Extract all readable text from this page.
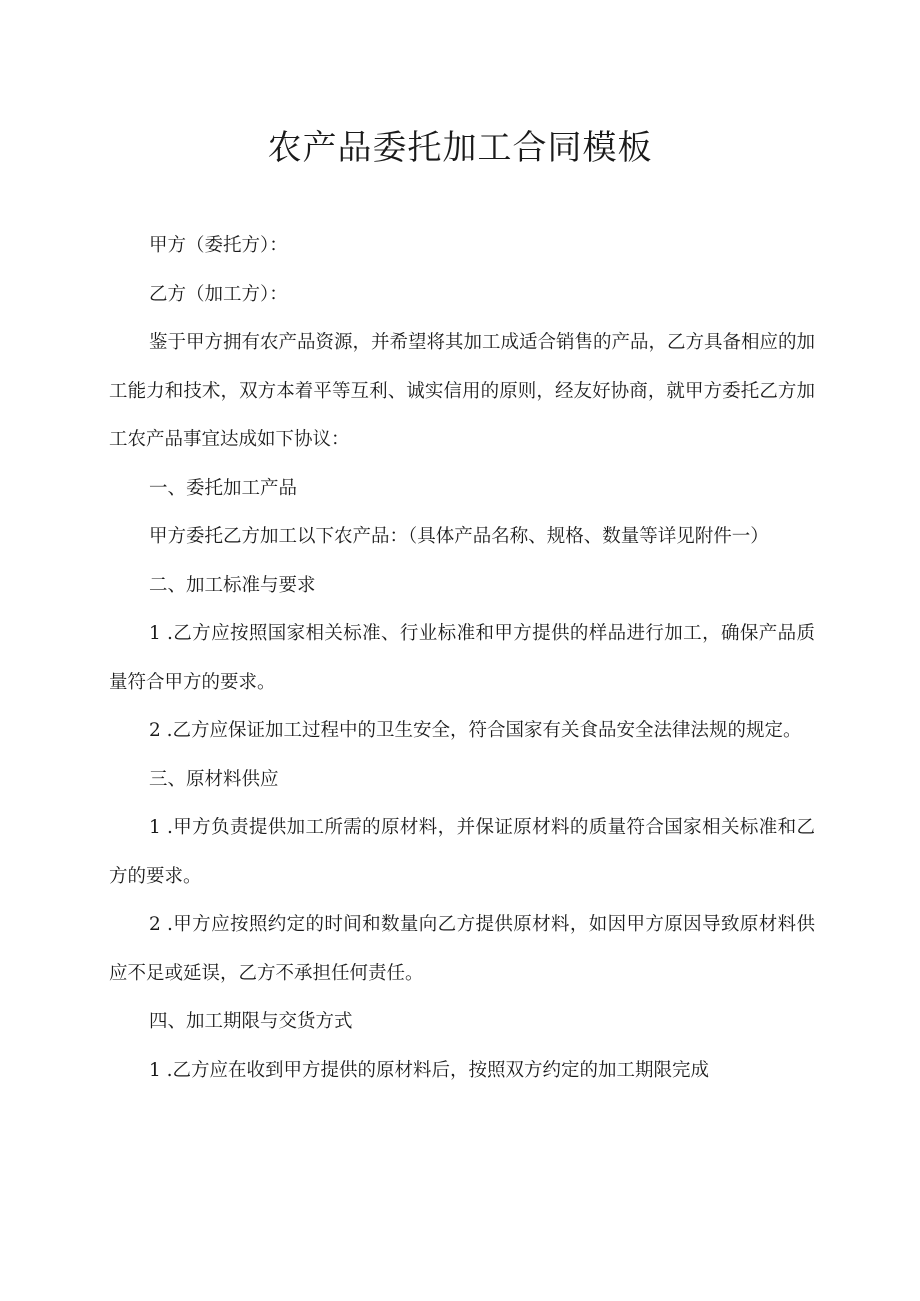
农产品委托加工合同模板

甲方（委托方）：

乙方（加工方）：

鉴于甲方拥有农产品资源，并希望将其加工成适合销售的产品，乙方具备相应的加工能力和技术，双方本着平等互利、诚实信用的原则，经友好协商，就甲方委托乙方加工农产品事宜达成如下协议：

一、委托加工产品

甲方委托乙方加工以下农产品：（具体产品名称、规格、数量等详见附件一）

二、加工标准与要求

1 .乙方应按照国家相关标准、行业标准和甲方提供的样品进行加工，确保产品质量符合甲方的要求。

2 .乙方应保证加工过程中的卫生安全，符合国家有关食品安全法律法规的规定。

三、原材料供应

1 .甲方负责提供加工所需的原材料，并保证原材料的质量符合国家相关标准和乙方的要求。

2 .甲方应按照约定的时间和数量向乙方提供原材料，如因甲方原因导致原材料供应不足或延误，乙方不承担任何责任。

四、加工期限与交货方式

1 .乙方应在收到甲方提供的原材料后，按照双方约定的加工期限完成
